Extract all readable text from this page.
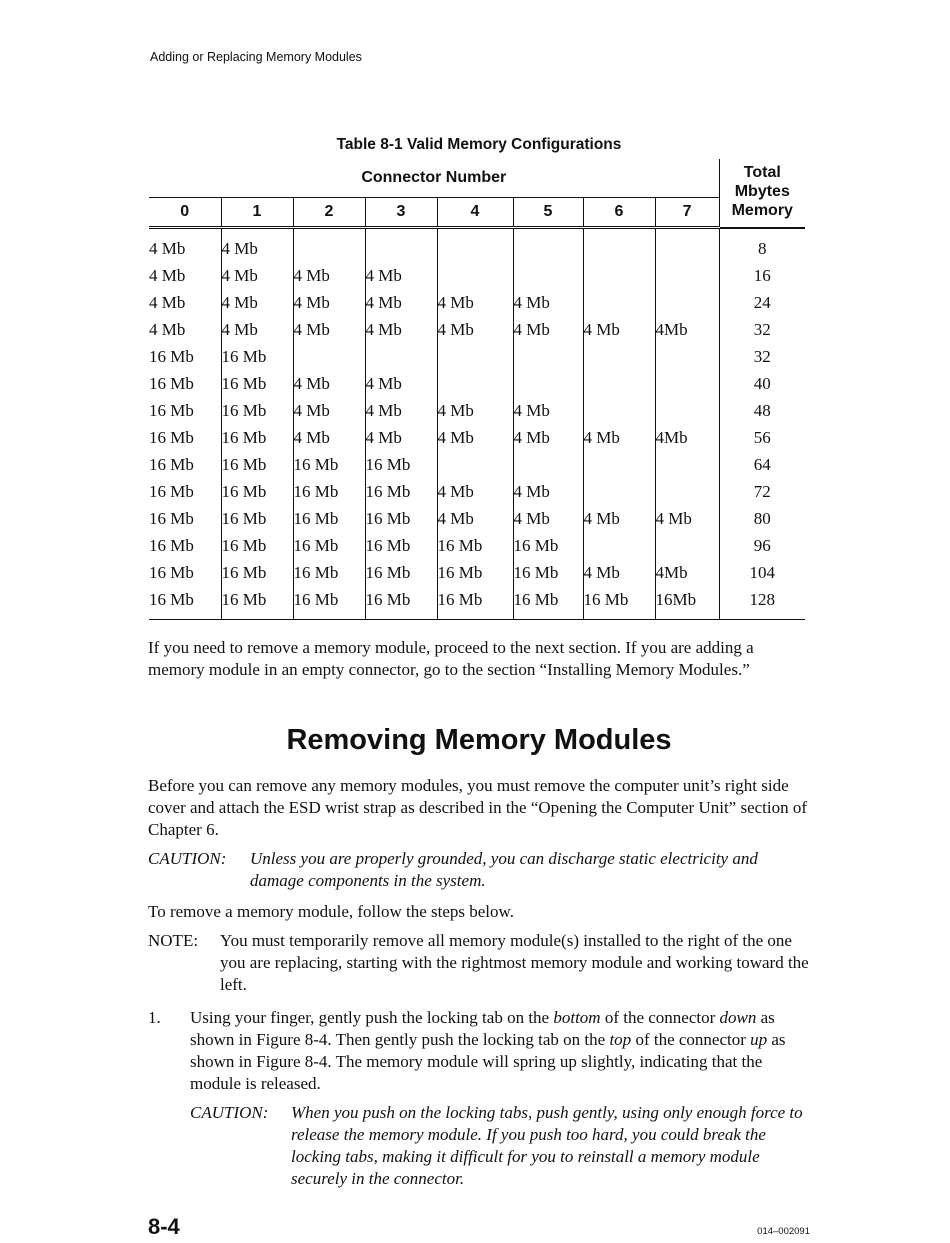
Adding or Replacing Memory Modules
Table 8-1 Valid Memory Configurations
Connector Number								Total
Mbytes
Memory

0	1	2	3	4	5	6	7	

4 Mb	4 Mb							8
4 Mb	4 Mb	4 Mb	4 Mb					16
4 Mb	4 Mb	4 Mb	4 Mb	4 Mb	4 Mb			24
4 Mb	4 Mb	4 Mb	4 Mb	4 Mb	4 Mb	4 Mb	4Mb	32
16 Mb	16 Mb							32
16 Mb	16 Mb	4 Mb	4 Mb					40
16 Mb	16 Mb	4 Mb	4 Mb	4 Mb	4 Mb			48
16 Mb	16 Mb	4 Mb	4 Mb	4 Mb	4 Mb	4 Mb	4Mb	56
16 Mb	16 Mb	16 Mb	16 Mb					64
16 Mb	16 Mb	16 Mb	16 Mb	4 Mb	4 Mb			72
16 Mb	16 Mb	16 Mb	16 Mb	4 Mb	4 Mb	4 Mb	4 Mb	80
16 Mb	16 Mb	16 Mb	16 Mb	16 Mb	16 Mb			96
16 Mb	16 Mb	16 Mb	16 Mb	16 Mb	16 Mb	4 Mb	4Mb	104
16 Mb	16 Mb	16 Mb	16 Mb	16 Mb	16 Mb	16 Mb	16Mb	128

If you need to remove a memory module, proceed to the next section. If you are adding a memory module in an empty connector, go to the section “Installing Memory Modules.”
Removing Memory Modules
Before you can remove any memory modules, you must remove the computer unit’s right side cover and attach the ESD wrist strap as described in the “Opening the Computer Unit” section of Chapter 6.
CAUTION: Unless you are properly grounded, you can discharge static electricity and damage components in the system.
To remove a memory module, follow the steps below.
NOTE: You must temporarily remove all memory module(s) installed to the right of the one you are replacing, starting with the rightmost memory module and working toward the left.
1. Using your finger, gently push the locking tab on the bottom of the connector down as shown in Figure 8-4. Then gently push the locking tab on the top of the connector up as shown in Figure 8-4. The memory module will spring up slightly, indicating that the module is released.
CAUTION: When you push on the locking tabs, push gently, using only enough force to release the memory module. If you push too hard, you could break the locking tabs, making it difficult for you to reinstall a memory module securely in the connector.
8-4	014–002091
